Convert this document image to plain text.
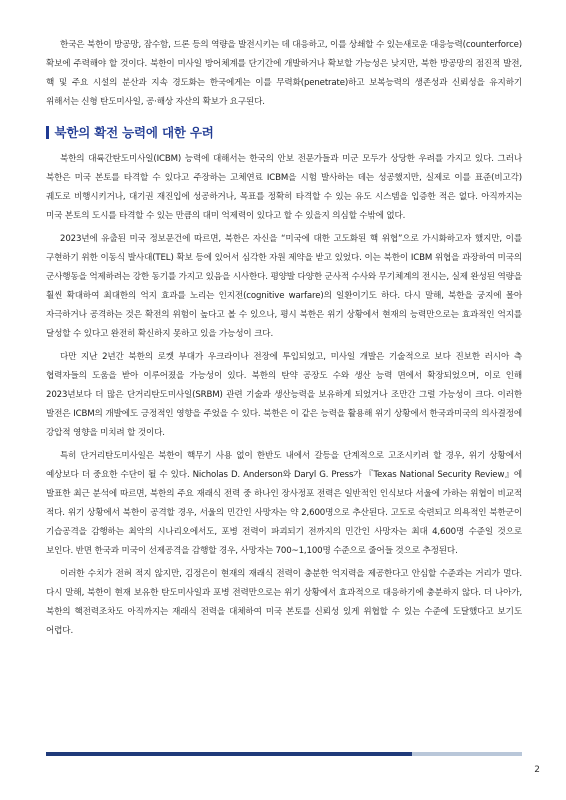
한국은 북한이 방공망, 잠수함, 드론 등의 역량을 발전시키는 데 대응하고, 이를 상쇄할 수 있는새로운 대응능력(counterforce) 확보에 주력해야 할 것이다. 북한이 미사일 방어체계를 단기간에 개발하거나 확보할 가능성은 낮지만, 북한 방공망의 점진적 발전, 핵 및 주요 시설의 분산과 지속 경도화는 한국에게는 이를 무력화(penetrate)하고 보복능력의 생존성과 신뢰성을 유지하기 위해서는 신형 탄도미사일, 공·해상 자산의 확보가 요구된다.

북한의 확전 능력에 대한 우려

북한의 대륙간탄도미사일(ICBM) 능력에 대해서는 한국의 안보 전문가들과 미군 모두가 상당한 우려를 가지고 있다. 그러나 북한은 미국 본토를 타격할 수 있다고 주장하는 고체연료 ICBM을 시험 발사하는 데는 성공했지만, 실제로 이를 표준(비고각) 궤도로 비행시키거나, 대기권 재진입에 성공하거나, 목표를 정확히 타격할 수 있는 유도 시스템을 입증한 적은 없다. 아직까지는 미국 본토의 도시를 타격할 수 있는 만큼의 대미 억제력이 있다고 할 수 있을지 의심할 수밖에 없다.

2023년에 유출된 미국 정보문건에 따르면, 북한은 자신을 “미국에 대한 고도화된 핵 위협”으로 가시화하고자 했지만, 이를 구현하기 위한 이동식 발사대(TEL) 확보 등에 있어서 심각한 자원 제약을 받고 있었다. 이는 북한이 ICBM 위협을 과장하여 미국의 군사행동을 억제하려는 강한 동기를 가지고 있음을 시사한다. 평양발 다양한 군사적 수사와 무기체계의 전시는, 실제 완성된 역량을 훨씬 확대하여 최대한의 억지 효과를 노리는 인지전(cognitive warfare)의 일환이기도 하다. 다시 말해, 북한을 궁지에 몰아 자극하거나 공격하는 것은 확전의 위험이 높다고 볼 수 있으나, 평시 북한은 위기 상황에서 현재의 능력만으로는 효과적인 억지를 달성할 수 있다고 완전히 확신하지 못하고 있을 가능성이 크다.

다만 지난 2년간 북한의 로켓 부대가 우크라이나 전장에 투입되었고, 미사일 개발은 기술적으로 보다 진보한 러시아 측 협력자들의 도움을 받아 이루어졌을 가능성이 있다. 북한의 탄약 공장도 수와 생산 능력 면에서 확장되었으며, 이로 인해 2023년보다 더 많은 단거리탄도미사일(SRBM) 관련 기술과 생산능력을 보유하게 되었거나 조만간 그럴 가능성이 크다. 이러한 발전은 ICBM의 개발에도 긍정적인 영향을 주었을 수 있다. 북한은 이 같은 능력을 활용해 위기 상황에서 한국과미국의 의사결정에 강압적 영향을 미치려 할 것이다.

특히 단거리탄도미사일은 북한이 핵무기 사용 없이 한반도 내에서 갈등을 단계적으로 고조시키려 할 경우, 위기 상황에서 예상보다 더 중요한 수단이 될 수 있다. Nicholas D. Anderson와 Daryl G. Press가 『Texas National Security Review』에 발표한 최근 분석에 따르면, 북한의 주요 재래식 전력 중 하나인 장사정포 전력은 일반적인 인식보다 서울에 가하는 위협이 비교적 적다. 위기 상황에서 북한이 공격할 경우, 서울의 민간인 사망자는 약 2,600명으로 추산된다. 고도로 숙련되고 의욕적인 북한군이 기습공격을 감행하는 최악의 시나리오에서도, 포병 전력이 파괴되기 전까지의 민간인 사망자는 최대 4,600명 수준일 것으로 보인다. 반면 한국과 미국이 선제공격을 감행할 경우, 사망자는 700~1,100명 수준으로 줄어들 것으로 추정된다.

이러한 수치가 전혀 적지 않지만, 김정은이 현재의 재래식 전력이 충분한 억지력을 제공한다고 안심할 수준과는 거리가 멀다. 다시 말해, 북한이 현재 보유한 탄도미사일과 포병 전력만으로는 위기 상황에서 효과적으로 대응하기에 충분하지 않다. 더 나아가, 북한의 핵전력조차도 아직까지는 재래식 전력을 대체하여 미국 본토를 신뢰성 있게 위협할 수 있는 수준에 도달했다고 보기도 어렵다.

2
